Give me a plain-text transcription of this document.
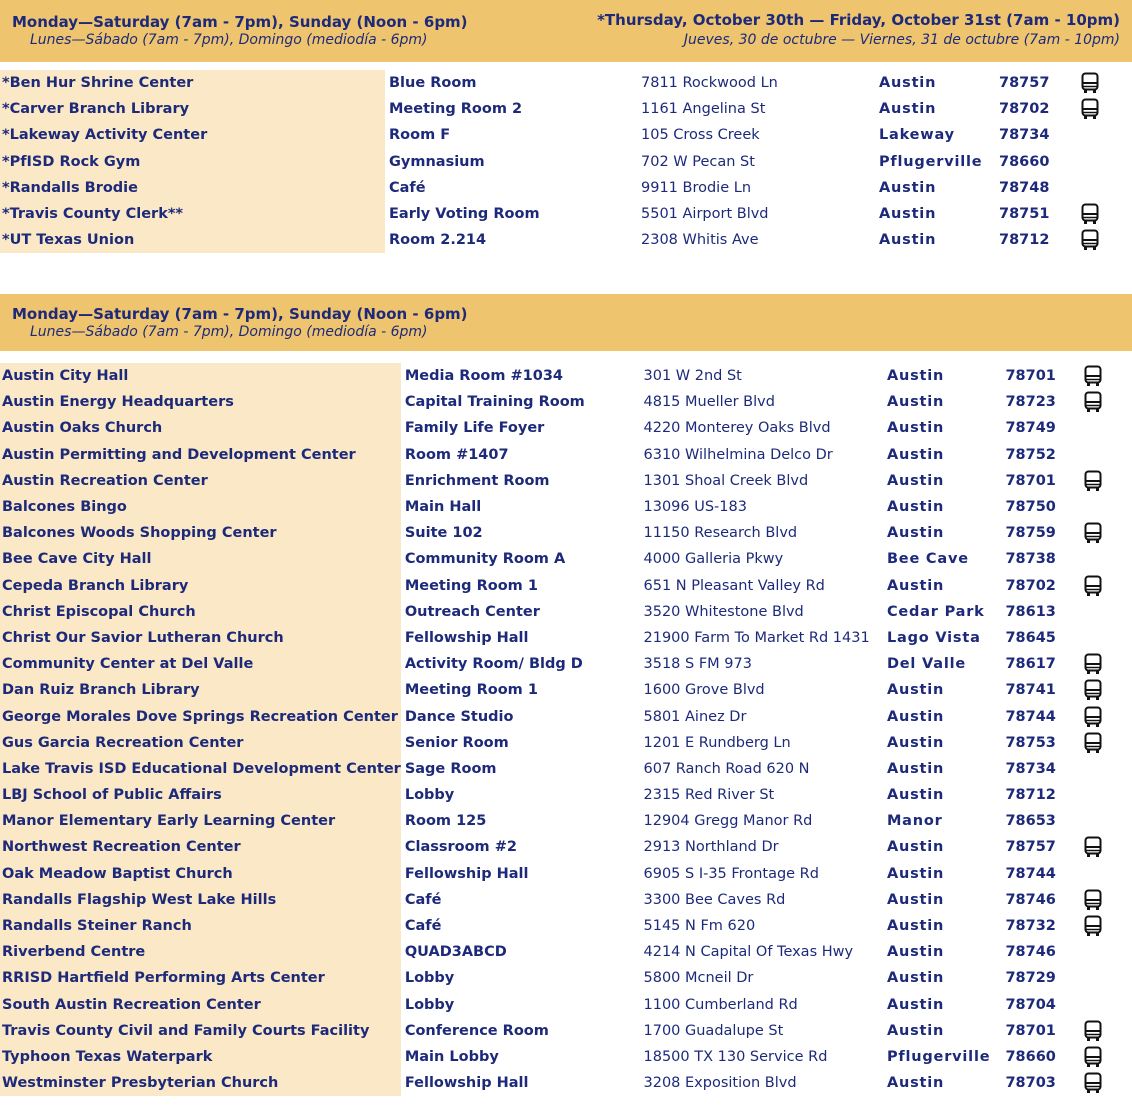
Monday—Saturday (7am - 7pm), Sunday (Noon - 6pm)
Lunes—Sábado (7am - 7pm), Domingo (mediodía - 6pm)
*Thursday, October 30th — Friday, October 31st (7am - 10pm)
Jueves, 30 de octubre — Viernes, 31 de octubre (7am - 10pm)
*Ben Hur Shrine Center	Blue Room	7811 Rockwood Ln	Austin	78757	
*Carver Branch Library	Meeting Room 2	1161 Angelina St	Austin	78702	
*Lakeway Activity Center	Room F	105 Cross Creek	Lakeway	78734	
*PfISD Rock Gym	Gymnasium	702 W Pecan St	Pflugerville	78660	
*Randalls Brodie	Café	9911 Brodie Ln	Austin	78748	
*Travis County Clerk**	Early Voting Room	5501 Airport Blvd	Austin	78751	
*UT Texas Union	Room 2.214	2308 Whitis Ave	Austin	78712	
Monday—Saturday (7am - 7pm), Sunday (Noon - 6pm)
Lunes—Sábado (7am - 7pm), Domingo (mediodía - 6pm)
Austin City Hall	Media Room #1034	301 W 2nd St	Austin	78701	
Austin Energy Headquarters	Capital Training Room	4815 Mueller Blvd	Austin	78723	
Austin Oaks Church	Family Life Foyer	4220 Monterey Oaks Blvd	Austin	78749	
Austin Permitting and Development Center	Room #1407	6310 Wilhelmina Delco Dr	Austin	78752	
Austin Recreation Center	Enrichment Room	1301 Shoal Creek Blvd	Austin	78701	
Balcones Bingo	Main Hall	13096 US-183	Austin	78750	
Balcones Woods Shopping Center	Suite 102	11150 Research Blvd	Austin	78759	
Bee Cave City Hall	Community Room A	4000 Galleria Pkwy	Bee Cave	78738	
Cepeda Branch Library	Meeting Room 1	651 N Pleasant Valley Rd	Austin	78702	
Christ Episcopal Church	Outreach Center	3520 Whitestone Blvd	Cedar Park	78613	
Christ Our Savior Lutheran Church	Fellowship Hall	21900 Farm To Market Rd 1431	Lago Vista	78645	
Community Center at Del Valle	Activity Room/ Bldg D	3518 S FM 973	Del Valle	78617	
Dan Ruiz Branch Library	Meeting Room 1	1600 Grove Blvd	Austin	78741	
George Morales Dove Springs Recreation Center	Dance Studio	5801 Ainez Dr	Austin	78744	
Gus Garcia Recreation Center	Senior Room	1201 E Rundberg Ln	Austin	78753	
Lake Travis ISD Educational Development Center	Sage Room	607 Ranch Road 620 N	Austin	78734	
LBJ School of Public Affairs	Lobby	2315 Red River St	Austin	78712	
Manor Elementary Early Learning Center	Room 125	12904 Gregg Manor Rd	Manor	78653	
Northwest Recreation Center	Classroom #2	2913 Northland Dr	Austin	78757	
Oak Meadow Baptist Church	Fellowship Hall	6905 S I-35 Frontage Rd	Austin	78744	
Randalls Flagship West Lake Hills	Café	3300 Bee Caves Rd	Austin	78746	
Randalls Steiner Ranch	Café	5145 N Fm 620	Austin	78732	
Riverbend Centre	QUAD3ABCD	4214 N Capital Of Texas Hwy	Austin	78746	
RRISD Hartfield Performing Arts Center	Lobby	5800 Mcneil Dr	Austin	78729	
South Austin Recreation Center	Lobby	1100 Cumberland Rd	Austin	78704	
Travis County Civil and Family Courts Facility	Conference Room	1700 Guadalupe St	Austin	78701	
Typhoon Texas Waterpark	Main Lobby	18500 TX 130 Service Rd	Pflugerville	78660	
Westminster Presbyterian Church	Fellowship Hall	3208 Exposition Blvd	Austin	78703	
